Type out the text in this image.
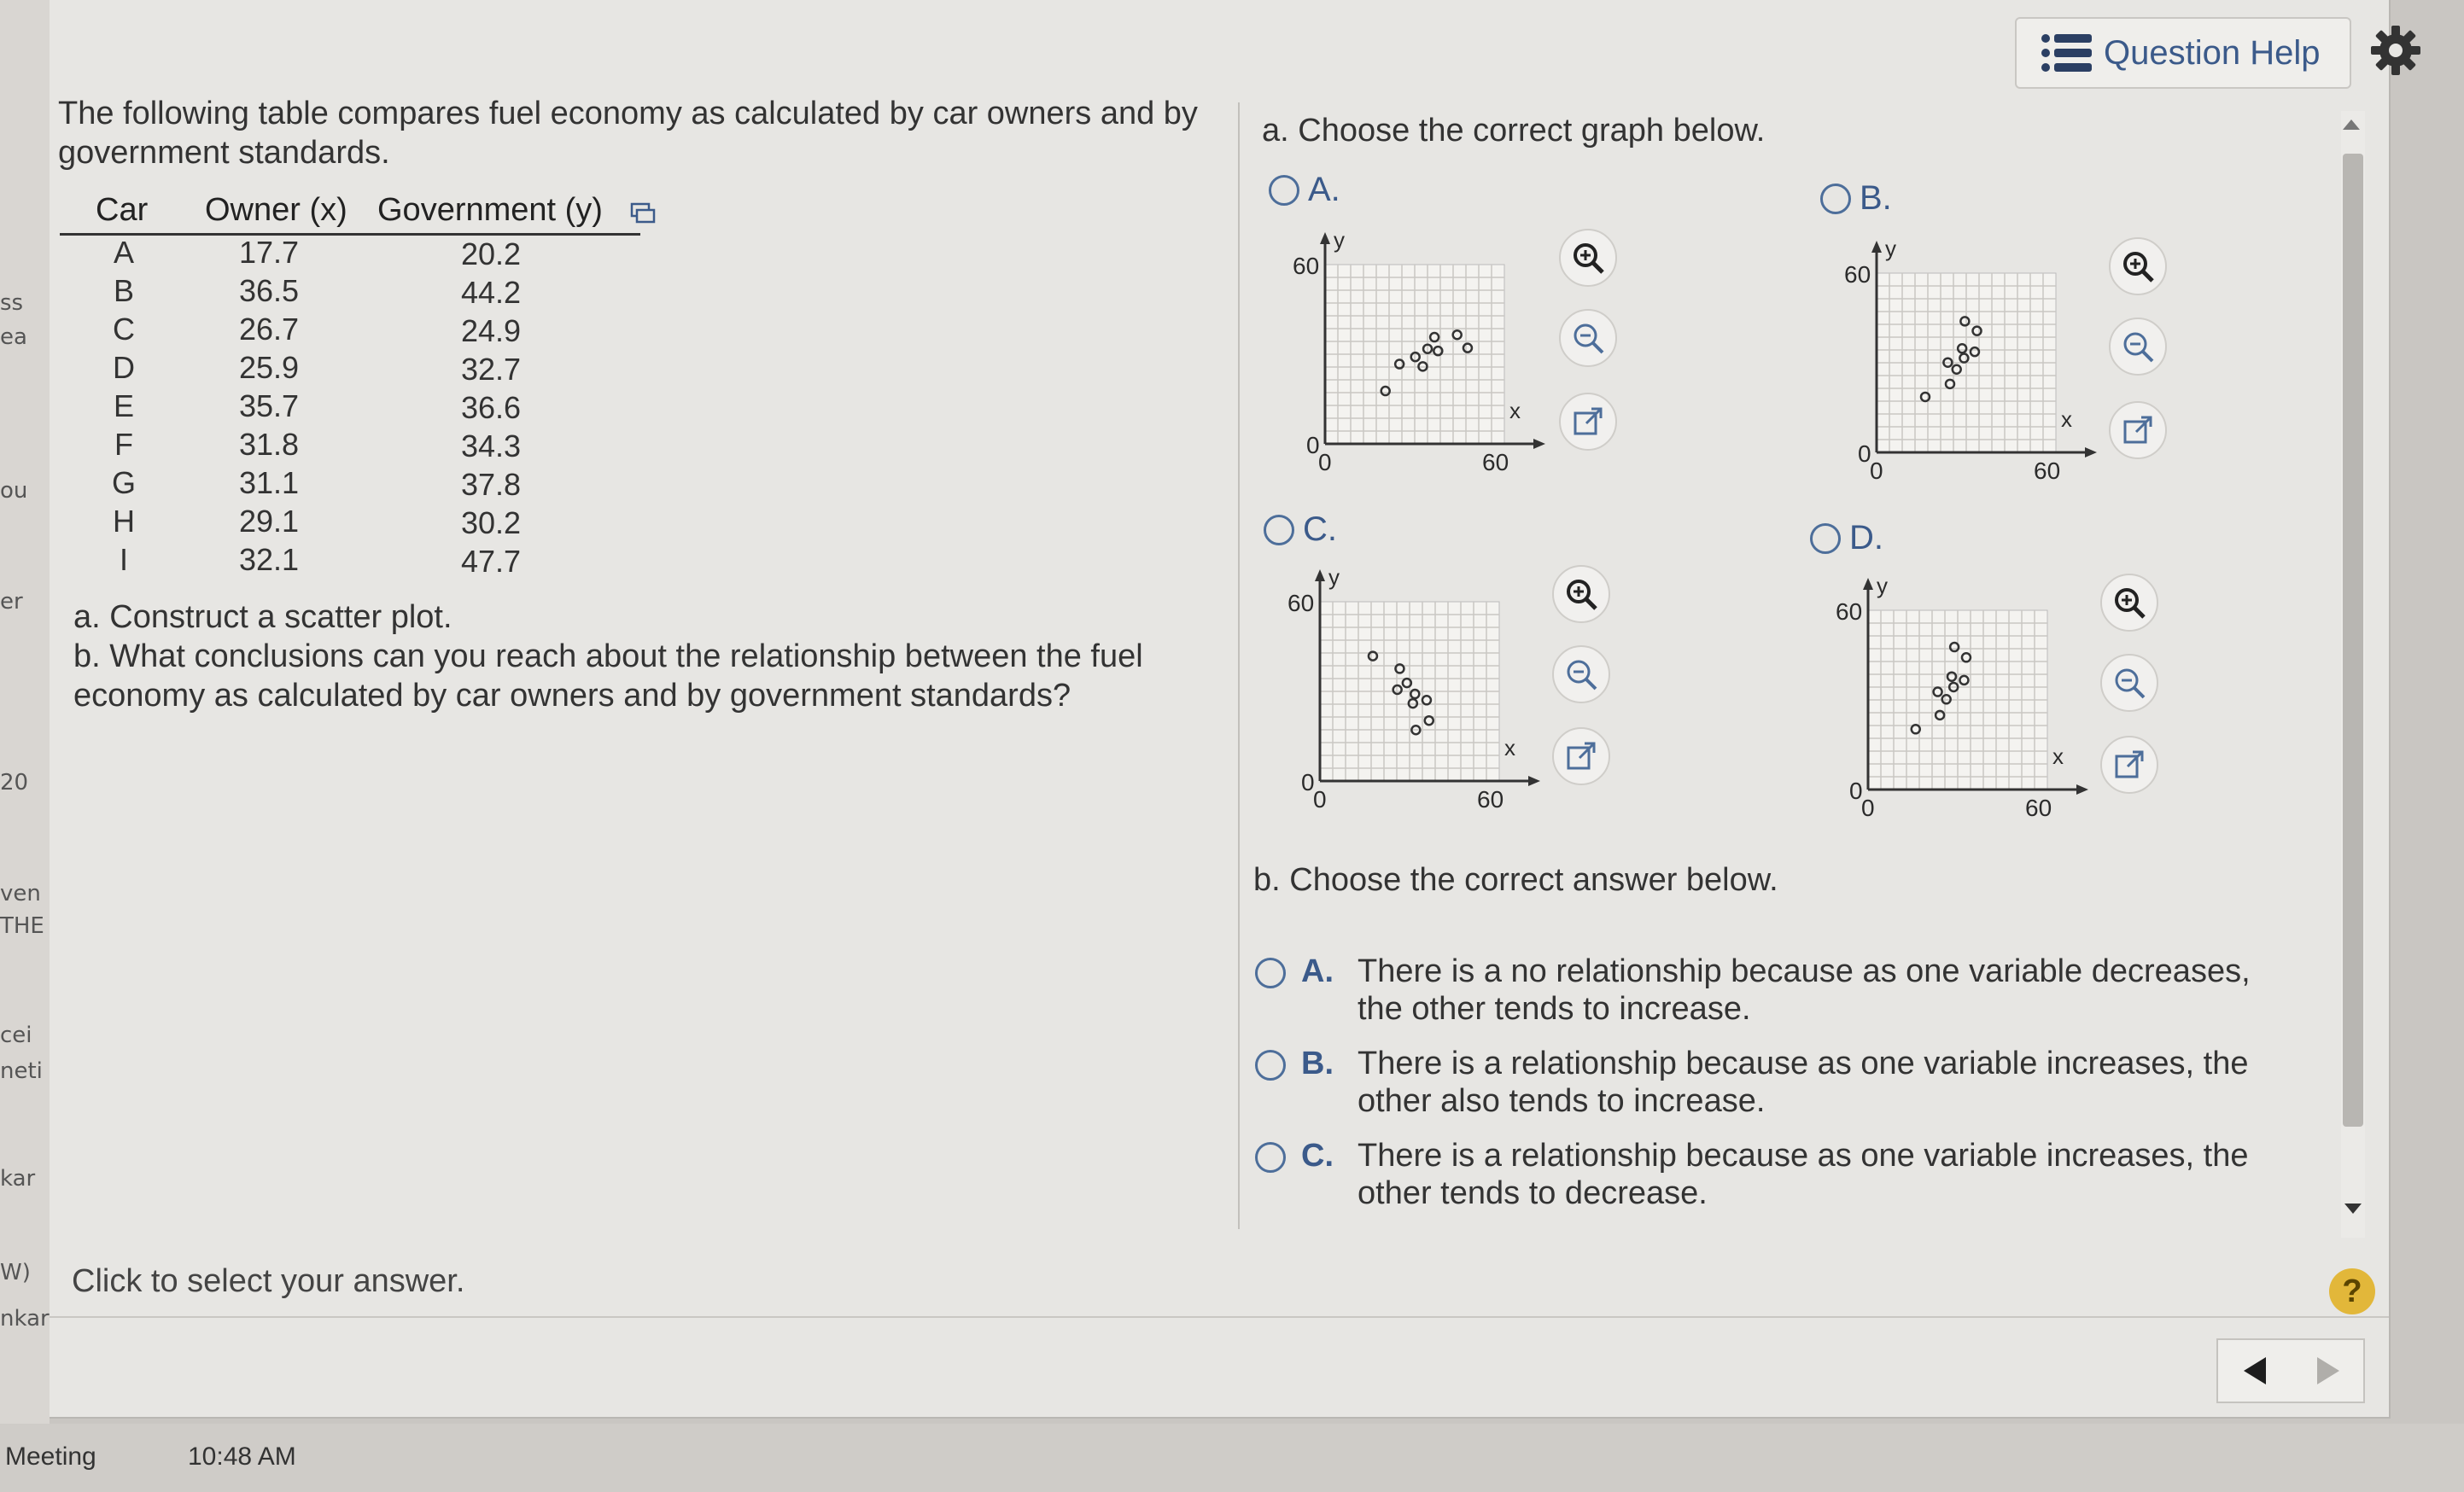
ss
ea
ou
er
20
ven
THE
cei
neti
kar
W)
nkar
Question Help
The following table compares fuel economy as calculated by car owners and by government standards.
Car Owner (x) Government (y)
A	17.7	20.2
B	36.5	44.2
C	26.7	24.9
D	25.9	32.7
E	35.7	36.6
F	31.8	34.3
G	31.1	37.8
H	29.1	30.2
I	32.1	47.7
a. Construct a scatter plot.
b. What conclusions can you reach about the relationship between the fuel economy as calculated by car owners and by government standards?
a. Choose the correct graph below.
A.
y
x
60
0
0	60
B.
y
x
60
0
0	60
C.
y
x
60
0
0	60
D.
y
x
60
0
0	60
b. Choose the correct answer below.
A. There is a no relationship because as one variable decreases, the other tends to increase.
B. There is a relationship because as one variable increases, the other also tends to increase.
C. There is a relationship because as one variable increases, the other tends to decrease.
Click to select your answer.	?
Meeting	10:48 AM
